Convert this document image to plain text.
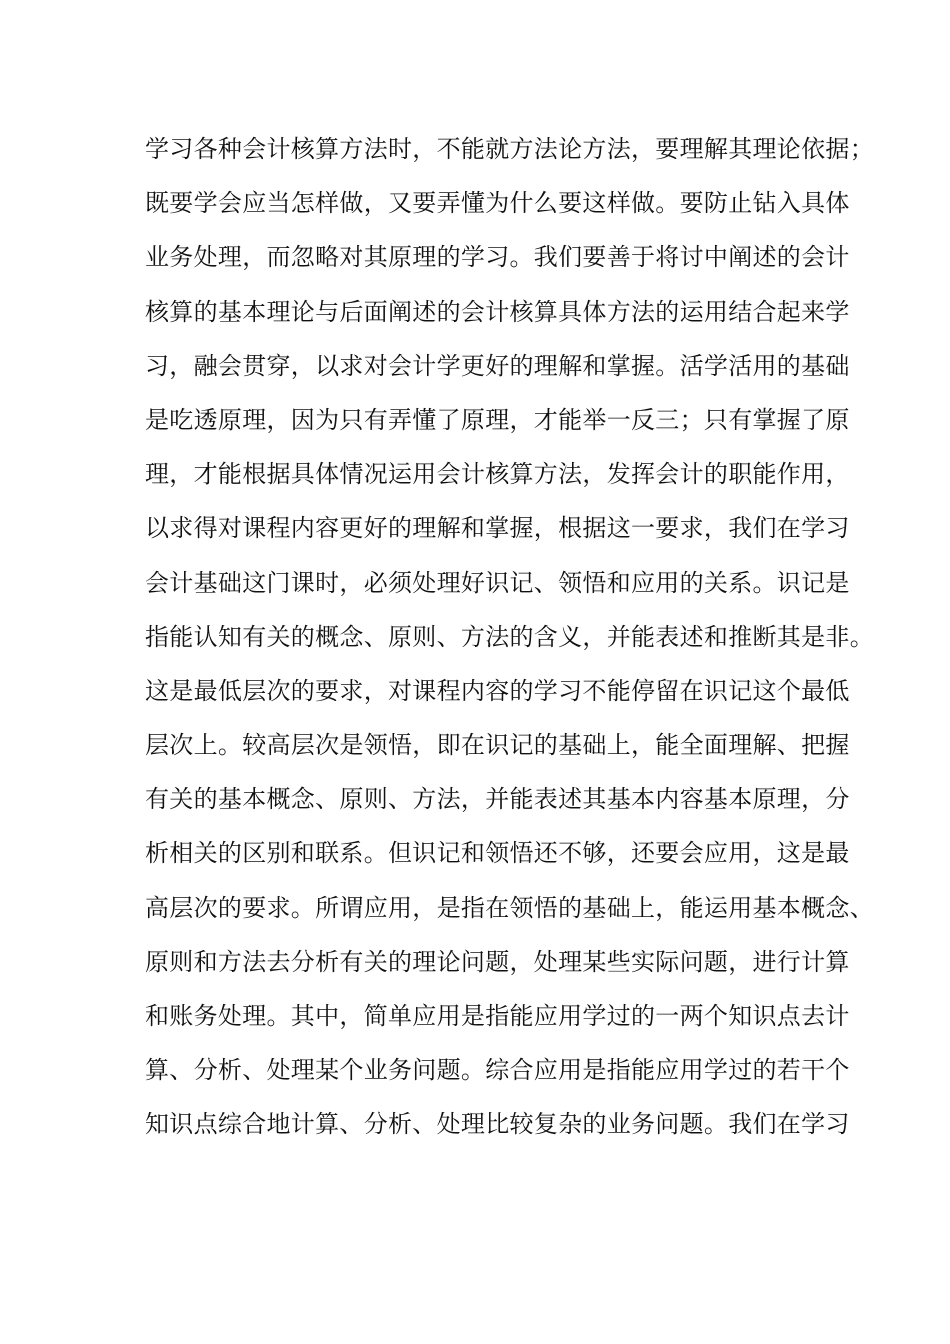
学习各种会计核算方法时，不能就方法论方法，要理解其理论依据；
既要学会应当怎样做，又要弄懂为什么要这样做。要防止钻入具体
业务处理，而忽略对其原理的学习。我们要善于将讨中阐述的会计
核算的基本理论与后面阐述的会计核算具体方法的运用结合起来学
习，融会贯穿，以求对会计学更好的理解和掌握。活学活用的基础
是吃透原理，因为只有弄懂了原理，才能举一反三；只有掌握了原
理，才能根据具体情况运用会计核算方法，发挥会计的职能作用，
以求得对课程内容更好的理解和掌握，根据这一要求，我们在学习
会计基础这门课时，必须处理好识记、领悟和应用的关系。识记是
指能认知有关的概念、原则、方法的含义，并能表述和推断其是非。
这是最低层次的要求，对课程内容的学习不能停留在识记这个最低
层次上。较高层次是领悟，即在识记的基础上，能全面理解、把握
有关的基本概念、原则、方法，并能表述其基本内容基本原理，分
析相关的区别和联系。但识记和领悟还不够，还要会应用，这是最
高层次的要求。所谓应用，是指在领悟的基础上，能运用基本概念、
原则和方法去分析有关的理论问题，处理某些实际问题，进行计算
和账务处理。其中，简单应用是指能应用学过的一两个知识点去计
算、分析、处理某个业务问题。综合应用是指能应用学过的若干个
知识点综合地计算、分析、处理比较复杂的业务问题。我们在学习
